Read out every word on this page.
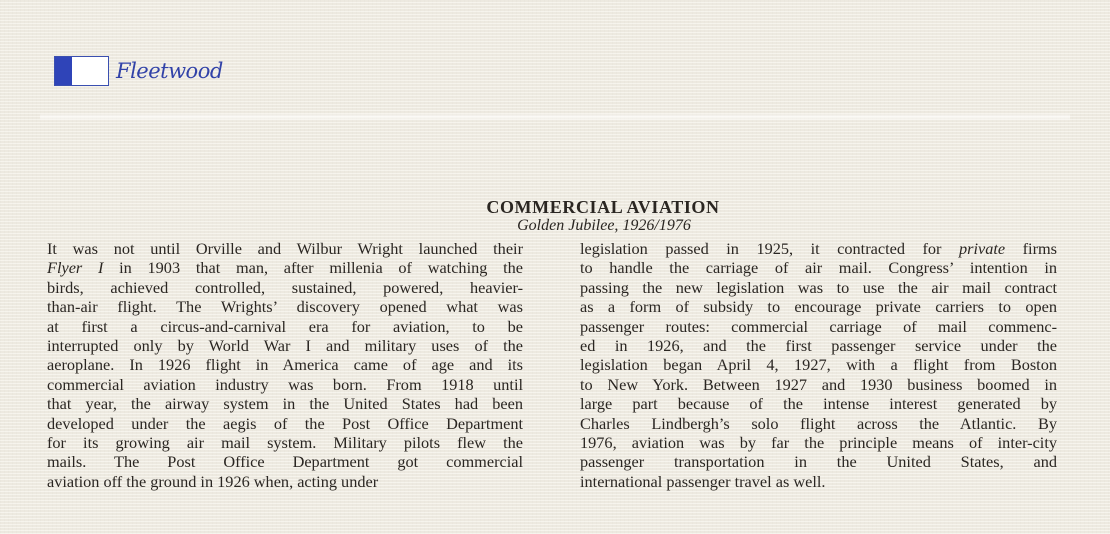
Fleetwood
COMMERCIAL AVIATION
Golden Jubilee, 1926/1976
It was not until Orville and Wilbur Wright launched their
Flyer I in 1903 that man, after millenia of watching the
birds, achieved controlled, sustained, powered, heavier-
than-air flight. The Wrights’ discovery opened what was
at first a circus-and-carnival era for aviation, to be
interrupted only by World War I and military uses of the
aeroplane. In 1926 flight in America came of age and its
commercial aviation industry was born. From 1918 until
that year, the airway system in the United States had been
developed under the aegis of the Post Office Department
for its growing air mail system. Military pilots flew the
mails. The Post Office Department got commercial
aviation off the ground in 1926 when, acting under
legislation passed in 1925, it contracted for private firms
to handle the carriage of air mail. Congress’ intention in
passing the new legislation was to use the air mail contract
as a form of subsidy to encourage private carriers to open
passenger routes: commercial carriage of mail commenc-
ed in 1926, and the first passenger service under the
legislation began April 4, 1927, with a flight from Boston
to New York. Between 1927 and 1930 business boomed in
large part because of the intense interest generated by
Charles Lindbergh’s solo flight across the Atlantic. By
1976, aviation was by far the principle means of inter-city
passenger transportation in the United States, and
international passenger travel as well.
